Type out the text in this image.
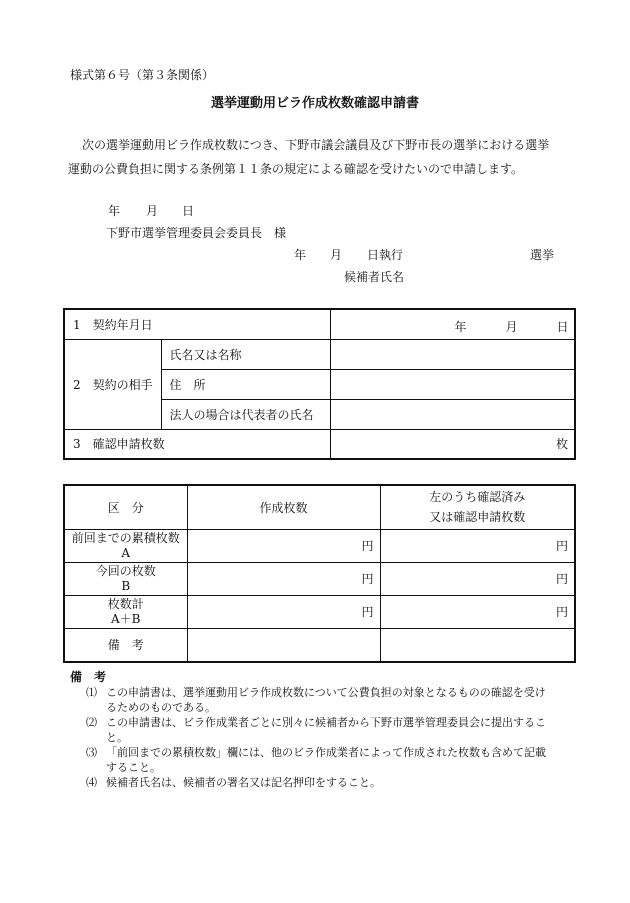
様式第６号（第３条関係）
選挙運動用ビラ作成枚数確認申請書
次の選挙運動用ビラ作成枚数につき、下野市議会議員及び下野市長の選挙における選挙
運動の公費負担に関する条例第１１条の規定による確認を受けたいので申請します。
年 月 日
下野市選挙管理委員会委員長　様
年 月 日執行	選挙
候補者氏名
1　契約年月日		年 月 日

2　契約の相手	氏名又は名称	
	住　所	
	法人の場合は代表者の氏名	
3　確認申請枚数		枚
区　分	作成枚数	左のうち確認済み
又は確認申請枚数

前回までの累積枚数
A	円	円

今回の枚数
B	円	円

枚数計
A＋B	円	円
備　考		
備　考
⑴ この申請書は、選挙運動用ビラ作成枚数について公費負担の対象となるものの確認を受け
るためのものである。
⑵ この申請書は、ビラ作成業者ごとに別々に候補者から下野市選挙管理委員会に提出するこ
と。
⑶ 「前回までの累積枚数」欄には、他のビラ作成業者によって作成された枚数も含めて記載
すること。
⑷ 候補者氏名は、候補者の署名又は記名押印をすること。
